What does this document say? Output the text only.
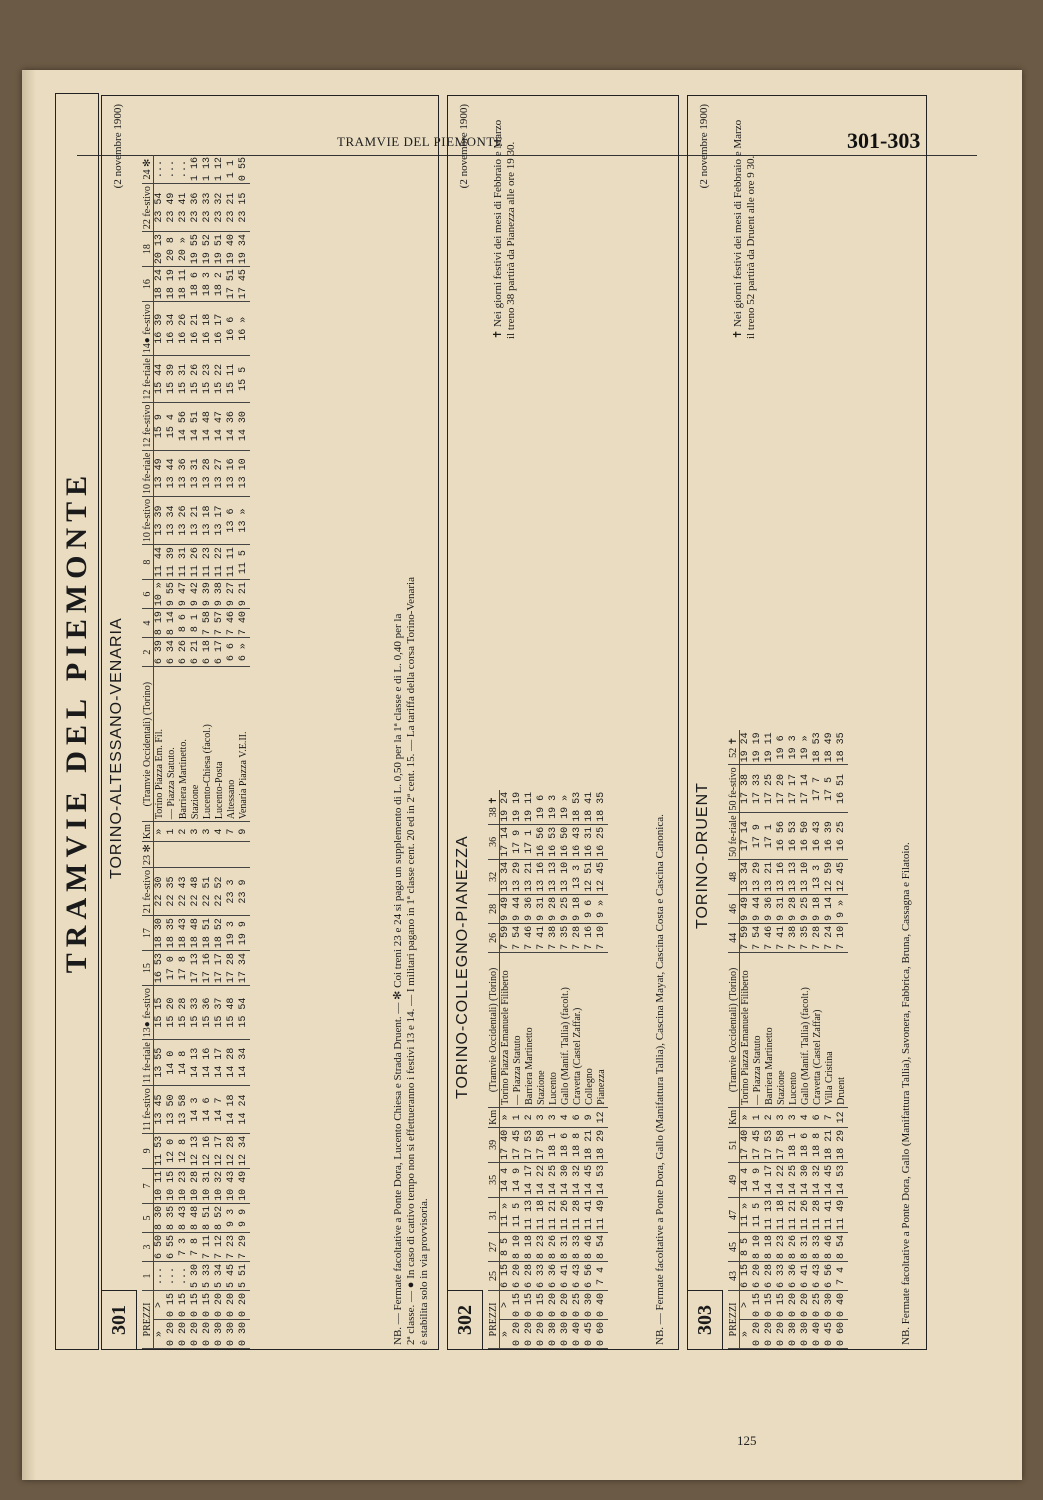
TRAMVIE DEL PIEMONTE	301-303
125
TRAMVIE DEL PIEMONTE
301
TORINO-ALTESSANO-VENARIA
(2 novembre 1900)
PREZZI		1	3	5	7	9	11 fe-stivo	11 fe-riale	13● fe-stivo	15	17	21 fe-stivo	23 ✻	Km	(Tramvie Occidentali) (Torino)	2	4	6	8	10 fe-stivo	10 fe-riale	12 fe-stivo	12 fe-riale	14● fe-stivo	16	18	22 fe-stivo	24 ✻
»	>	...	6 50	8 30	10 11	11 53	13 45	13 55	15 15	16 53	18 30	22 30		»	Torino Piazza Em. Fil.	6 39	8 19	10 »	11 44	13 39	13 49	15 9	15 44	16 39	18 24	20 13	23 54	...
0 20	0 15	...	6 55	8 35	10 15	12 0	13 50	14 0	15 20	17 0	18 35	22 35		1	— Piazza Statuto.	6 34	8 14	9 55	11 39	13 34	13 44	15 4	15 39	16 34	18 19	20 8	23 49	...
0 20	0 15	...	7 3	8 43	10 23	12 8	13 58	14 8	15 28	17 8	18 43	22 43		2	Barriera Martinetto.	6 26	8 6	9 47	11 31	13 26	13 36	14 56	15 31	16 26	18 11	20 »	23 41	...
0 20	0 15	5 30	7 8	8 48	10 28	12 13	14 3	14 13	15 33	17 13	18 48	22 48		3	Stazione	6 21	8 1	9 42	11 26	13 21	13 31	14 51	15 26	16 21	18 6	19 55	23 36	1 16
0 20	0 15	5 33	7 11	8 51	10 31	12 16	14 6	14 16	15 36	17 16	18 51	22 51		3	Lucento-Chiesa (facol.)	6 18	7 58	9 39	11 23	13 18	13 28	14 48	15 23	16 18	18 3	19 52	23 33	1 13
0 30	0 20	5 34	7 12	8 52	10 32	12 17	14 7	14 17	15 37	17 17	18 52	22 52		4	Lucento-Posta	6 17	7 57	9 38	11 22	13 17	13 27	14 47	15 22	16 17	18 2	19 51	23 32	1 12
0 30	0 20	5 45	7 23	9 3	10 43	12 28	14 18	14 28	15 48	17 28	19 3	23 3		7	Altessano	6 6	7 46	9 27	11 11	13 6	13 16	14 36	15 11	16 6	17 51	19 40	23 21	1 1
0 30	0 20	5 51	7 29	9 9	10 49	12 34	14 24	14 34	15 54	17 34	19 9	23 9		9	Venaria Piazza V.E.II.	6 »	7 40	9 21	11 5	13 »	13 10	14 30	15 5	16 »	17 45	19 34	23 15	0 55
NB. — Fermate facoltative a Ponte Dora, Lucento Chiesa e Strada Druent. — ✻ Coi treni 23 e 24 si paga un supplemento di L. 0,50 per la 1ª classe e di L. 0,40 per la 2ª classe. — ● In caso di cattivo tempo non si effettueranno i festivi 13 e 14. — I militari pagano in 1ª classe cent. 20 ed in 2ª cent. 15. — La tariffa della corsa Torino-Venaria è stabilita solo in via provvisoria. 302
TORINO-COLLEGNO-PIANEZZA
(2 novembre 1900)
PREZZI		25	27	31	35	39	Km	(Tramvie Occidentali) (Torino)	26	28	32	36	38 ✝
»	>	6 15	8 5	11 »	14 4	17 40	»	Torino Piazza Emanuele Filiberto	7 59	9 49	13 34	17 14	19 24
0 20	0 15	6 20	8 10	11 5	14 9	17 45	1	— Piazza Statuto	7 54	9 44	13 29	17 9	19 19
0 20	0 15	6 28	8 18	11 13	14 17	17 53	2	Barriera Martinetto	7 46	9 36	13 21	17 1	19 11
0 20	0 15	6 33	8 23	11 18	14 22	17 58	3	Stazione	7 41	9 31	13 16	16 56	19 6
0 30	0 20	6 36	8 26	11 21	14 25	18 1	3	Lucento	7 38	9 28	13 13	16 53	19 3
0 30	0 20	6 41	8 31	11 26	14 30	18 6	4	Gallo (Manif. Tallia) (facolt.)	7 35	9 25	13 10	16 50	19 »
0 40	0 25	6 43	8 33	11 28	14 32	18 8	6	Cravetta (Castel Zaffar.)	7 28	9 18	13 3	16 43	18 53
0 45	0 30	6 56	8 46	11 41	14 45	18 21	9	Collegno	7 16	9 6	12 51	16 31	18 41
0 60	0 40	7 4	8 54	11 49	14 53	18 29	12	Pianezza	7 10	9 »	12 45	16 25	18 35
✝ Nei giorni festivi dei mesi di Febbraio e Marzo il treno 38 partirà da Pianezza alle ore 19 30.
NB. — Fermate facoltative a Ponte Dora, Gallo (Manifattura Tallia), Cascina Mayat, Cascina Costa e Cascina Canonica. 303
TORINO-DRUENT
(2 novembre 1900)
PREZZI		43	45	47	49	51	Km	(Tramvie Occidentali) (Torino)	44	46	48	50 fe-riale	50 fe-stivo	52 ✝
»	>	6 15	8 5	11 »	14 4	17 40	»	Torino Piazza Emanuele Filiberto	7 59	9 49	13 34	17 14	17 38	19 24
0 20	0 15	6 20	8 10	11 5	14 9	17 45	1	— Piazza Statuto	7 54	9 44	13 29	17 9	17 33	19 19
0 20	0 15	6 28	8 18	11 13	14 17	17 53	2	Barriera Martinetto	7 46	9 36	13 21	17 1	17 25	19 11
0 20	0 15	6 33	8 23	11 18	14 22	17 58	3	Stazione	7 41	9 31	13 16	16 56	17 20	19 6
0 30	0 20	6 36	8 26	11 21	14 25	18 1	3	Lucento	7 38	9 28	13 13	16 53	17 17	19 3
0 30	0 20	6 41	8 31	11 26	14 30	18 6	4	Gallo (Manif. Tallia) (facolt.)	7 35	9 25	13 10	16 50	17 14	19 »
0 40	0 25	6 43	8 33	11 28	14 32	18 8	6	Cravetta (Castel Zaffar)	7 28	9 18	13 3	16 43	17 7	18 53
0 45	0 30	6 56	8 46	11 41	14 45	18 21	7	Villa Cristina	7 24	9 14	12 59	16 39	17 5	18 49
0 60	0 40	7 4	8 54	11 49	14 53	18 29	12	Druent	7 10	9 »	12 45	16 25	16 51	18 35
✝ Nei giorni festivi dei mesi di Febbraio e Marzo il treno 52 partirà da Druent alle ore 9 30.
NB. Fermate facoltative a Ponte Dora, Gallo (Manifattura Tallia), Savonera, Fabbrica, Bruna, Cassagna e Filatoio.
